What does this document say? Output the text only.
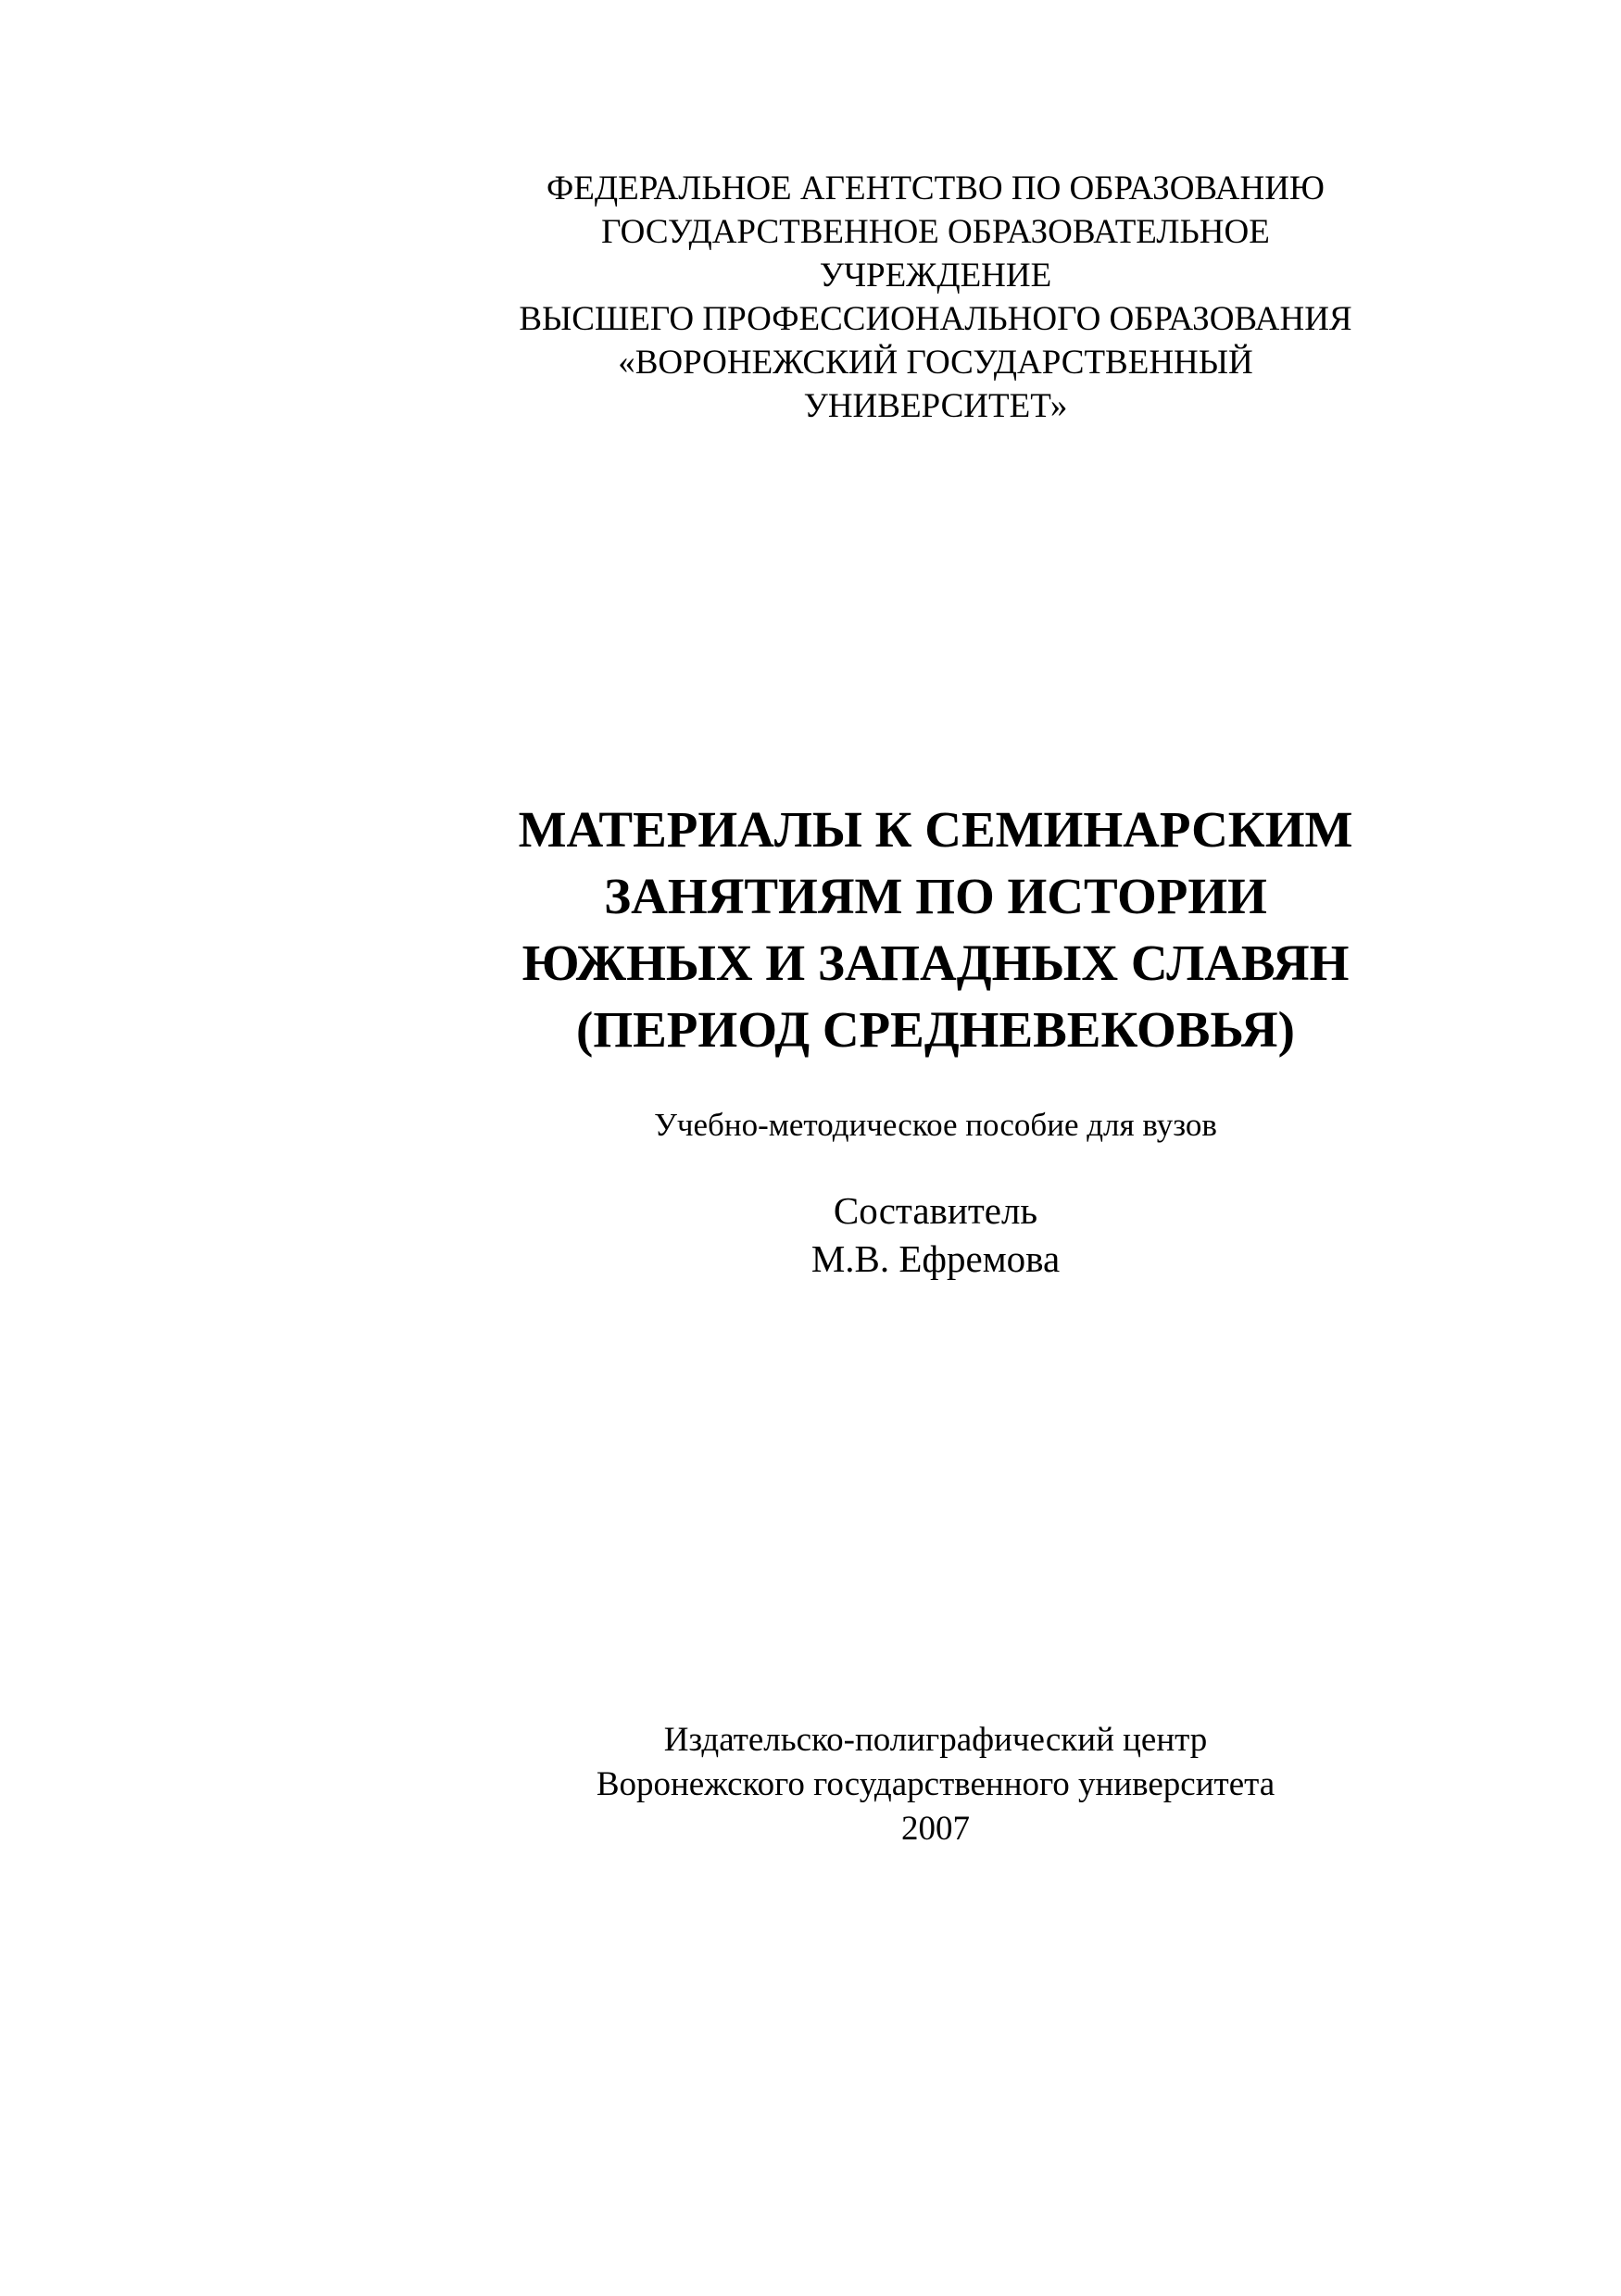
ФЕДЕРАЛЬНОЕ АГЕНТСТВО ПО ОБРАЗОВАНИЮ
ГОСУДАРСТВЕННОЕ ОБРАЗОВАТЕЛЬНОЕ
УЧРЕЖДЕНИЕ
ВЫСШЕГО ПРОФЕССИОНАЛЬНОГО ОБРАЗОВАНИЯ
«ВОРОНЕЖСКИЙ ГОСУДАРСТВЕННЫЙ
УНИВЕРСИТЕТ»
МАТЕРИАЛЫ К СЕМИНАРСКИМ
ЗАНЯТИЯМ ПО ИСТОРИИ
ЮЖНЫХ И ЗАПАДНЫХ СЛАВЯН
(ПЕРИОД СРЕДНЕВЕКОВЬЯ)
Учебно-методическое пособие для вузов
Составитель
М.В. Ефремова
Издательско-полиграфический центр
Воронежского государственного университета
2007
